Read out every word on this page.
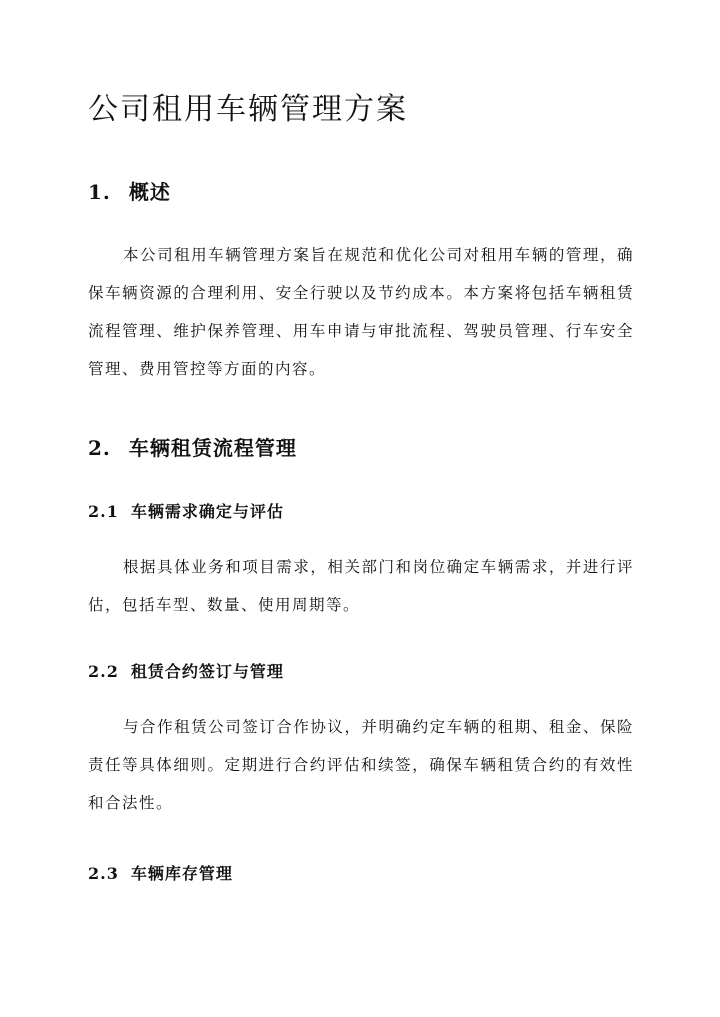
公司租用车辆管理方案
1. 概述

本公司租用车辆管理方案旨在规范和优化公司对租用车辆的管理，确保车辆资源的合理利用、安全行驶以及节约成本。本方案将包括车辆租赁流程管理、维护保养管理、用车申请与审批流程、驾驶员管理、行车安全管理、费用管控等方面的内容。

2. 车辆租赁流程管理
2.1 车辆需求确定与评估

根据具体业务和项目需求，相关部门和岗位确定车辆需求，并进行评估，包括车型、数量、使用周期等。

2.2 租赁合约签订与管理

与合作租赁公司签订合作协议，并明确约定车辆的租期、租金、保险责任等具体细则。定期进行合约评估和续签，确保车辆租赁合约的有效性和合法性。

2.3 车辆库存管理
